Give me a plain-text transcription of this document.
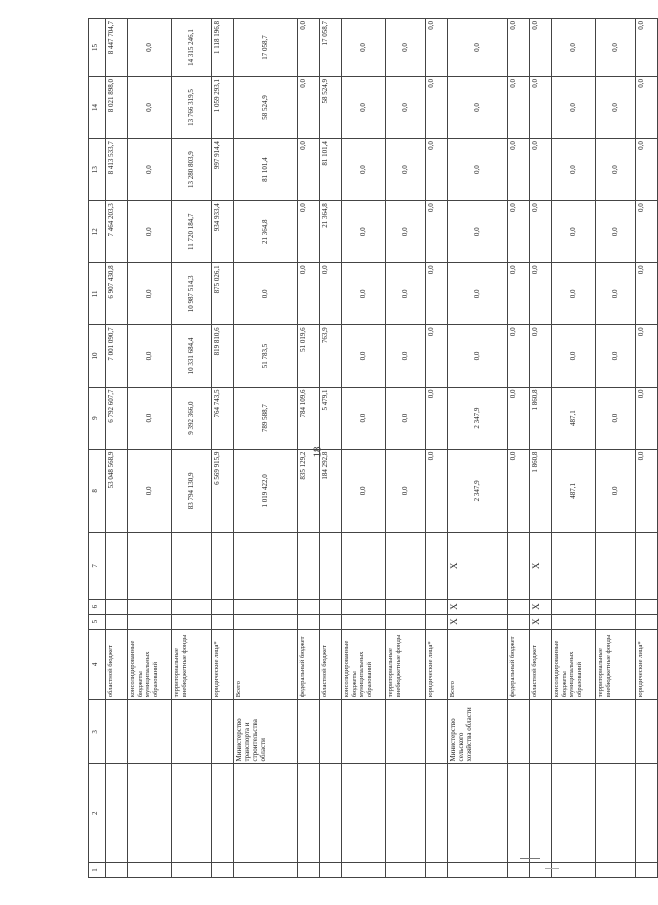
18
1	2	3	4	5	6	7	8	9	10	11	12	13	14	15
			областной бюджет				53 048 568,9	6 792 607,7	7 001 090,7	6 907 430,8	7 464 203,3	8 413 533,7	8 021 898,0	8 447 704,7
			консолидированные бюджеты муниципальных образований				0,0	0,0	0,0	0,0	0,0	0,0	0,0	0,0
			территориальные внебюджетные фонды				83 794 130,9	9 392 366,0	10 331 684,4	10 987 514,3	11 720 184,7	13 280 803,9	13 766 319,5	14 315 246,1
			юридические лица*				6 569 915,9	764 743,5	819 810,6	875 026,1	934 933,4	997 914,4	1 059 293,1	1 118 196,8
		Министерство транспорта и строительства области	Всего				1 019 422,0	789 588,7	51 783,5	0,0	21 364,8	81 101,4	58 524,9	17 058,7
			федеральный бюджет				835 129,2	784 109,6	51 019,6	0,0	0,0	0,0	0,0	0,0
			областной бюджет				184 292,8	5 479,1	763,9	0,0	21 364,8	81 101,4	58 524,9	17 058,7
			консолидированные бюджеты муниципальных образований				0,0	0,0	0,0	0,0	0,0	0,0	0,0	0,0
			территориальные внебюджетные фонды				0,0	0,0	0,0	0,0	0,0	0,0	0,0	0,0
			юридические лица*				0,0	0,0	0,0	0,0	0,0	0,0	0,0	0,0
		Министерство сельского хозяйства области	Всего	Х	Х	Х	2 347,9	2 347,9	0,0	0,0	0,0	0,0	0,0	0,0
			федеральный бюджет				0,0	0,0	0,0	0,0	0,0	0,0	0,0	0,0
			областной бюджет	Х	Х	Х	1 860,8	1 860,8	0,0	0,0	0,0	0,0	0,0	0,0
			консолидированные бюджеты муниципальных образований				487,1	487,1	0,0	0,0	0,0	0,0	0,0	0,0
			территориальные внебюджетные фонды				0,0	0,0	0,0	0,0	0,0	0,0	0,0	0,0
			юридические лица*				0,0	0,0	0,0	0,0	0,0	0,0	0,0	0,0
